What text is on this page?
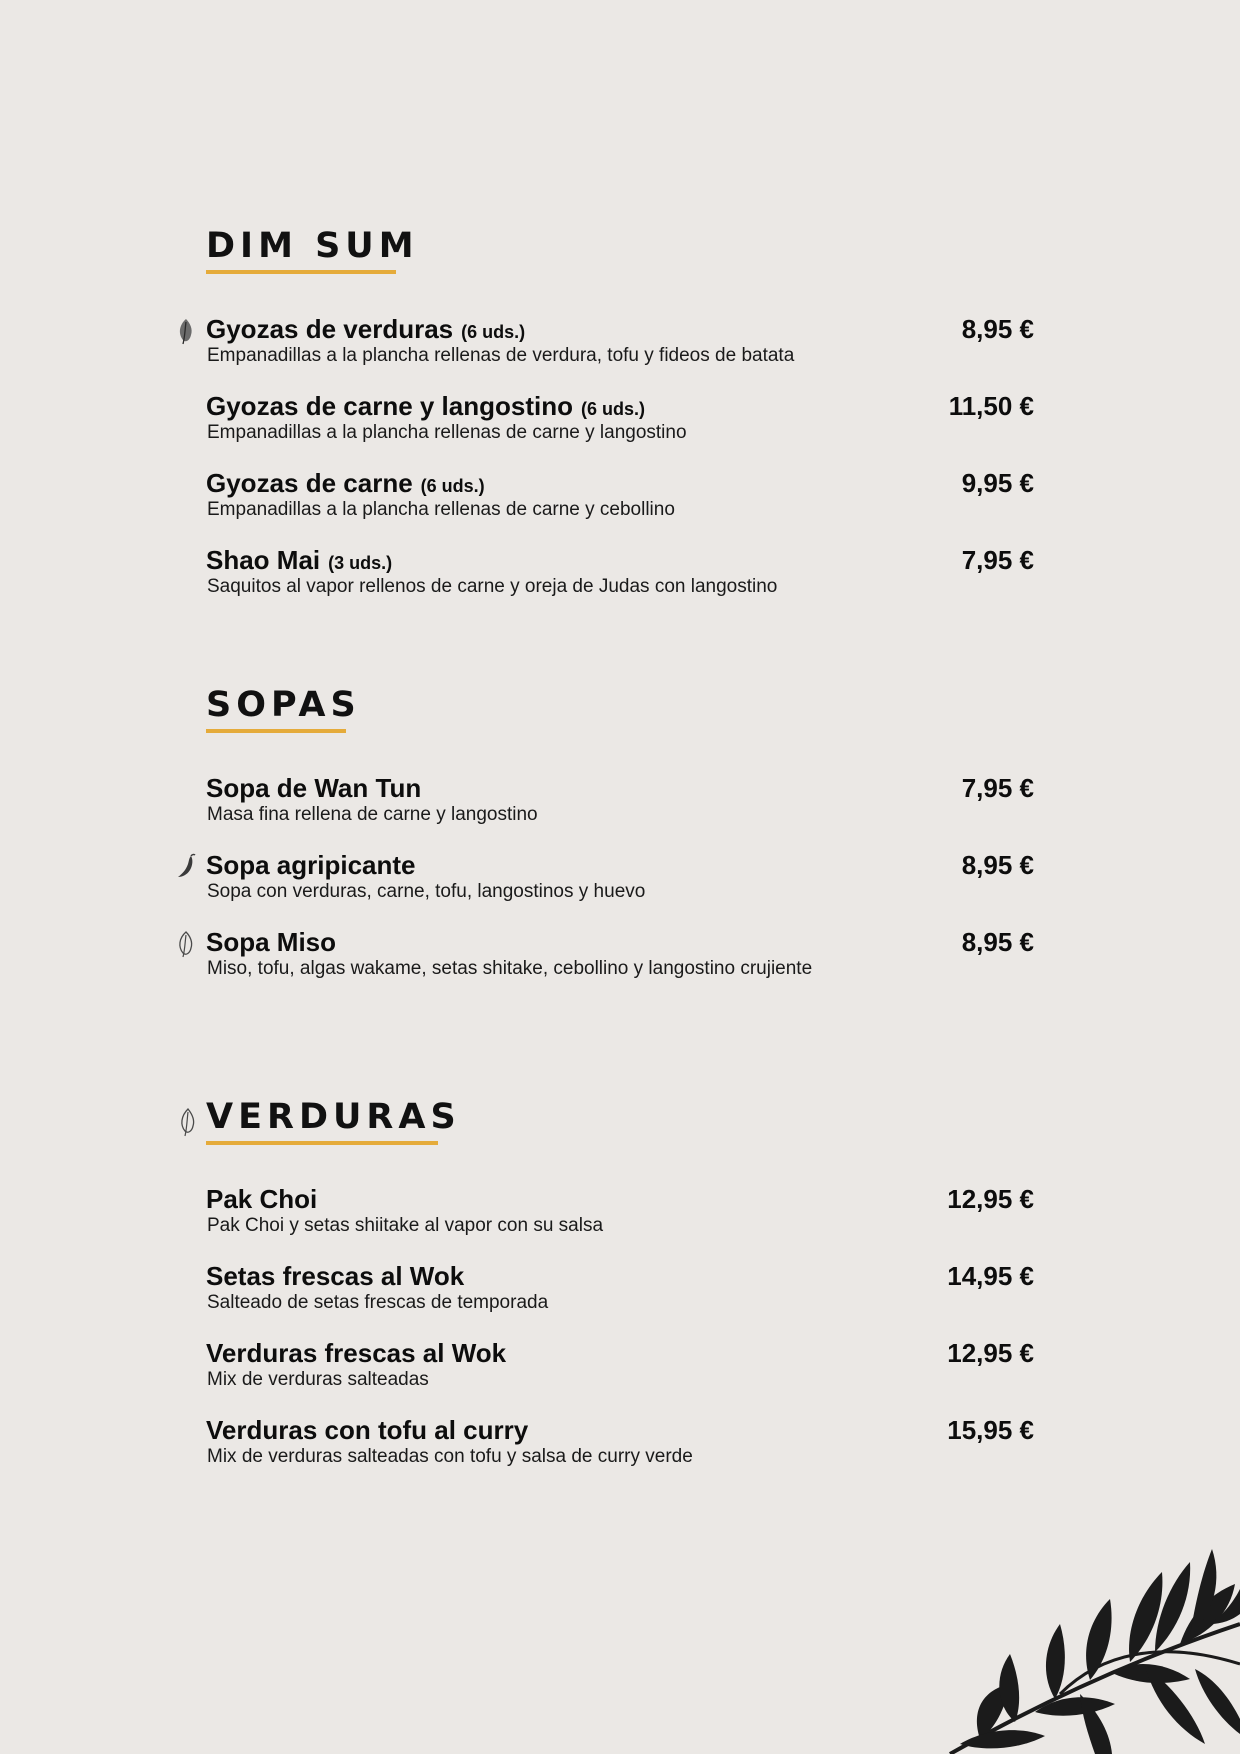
DIM SUM
Gyozas de verduras (6 uds.)
Empanadillas a la plancha rellenas de verdura, tofu y fideos de batata
8,95 €
Gyozas de carne y langostino (6 uds.)
Empanadillas a la plancha rellenas de carne y langostino
11,50 €
Gyozas de carne (6 uds.)
Empanadillas a la plancha rellenas de carne y cebollino
9,95 €
Shao Mai (3 uds.)
Saquitos al vapor rellenos de carne y oreja de Judas con langostino
7,95 €
SOPAS
Sopa de Wan Tun
Masa fina rellena de carne y langostino
7,95 €
Sopa agripicante
Sopa con verduras, carne, tofu, langostinos y huevo
8,95 €
Sopa Miso
Miso, tofu, algas wakame, setas shitake, cebollino y langostino crujiente
8,95 €
VERDURAS
Pak Choi
Pak Choi y setas shiitake al vapor con su salsa
12,95 €
Setas frescas al Wok
Salteado de setas frescas de temporada
14,95 €
Verduras frescas al Wok
Mix de verduras salteadas
12,95 €
Verduras con tofu al curry
Mix de verduras salteadas con tofu y salsa de curry verde
15,95 €
